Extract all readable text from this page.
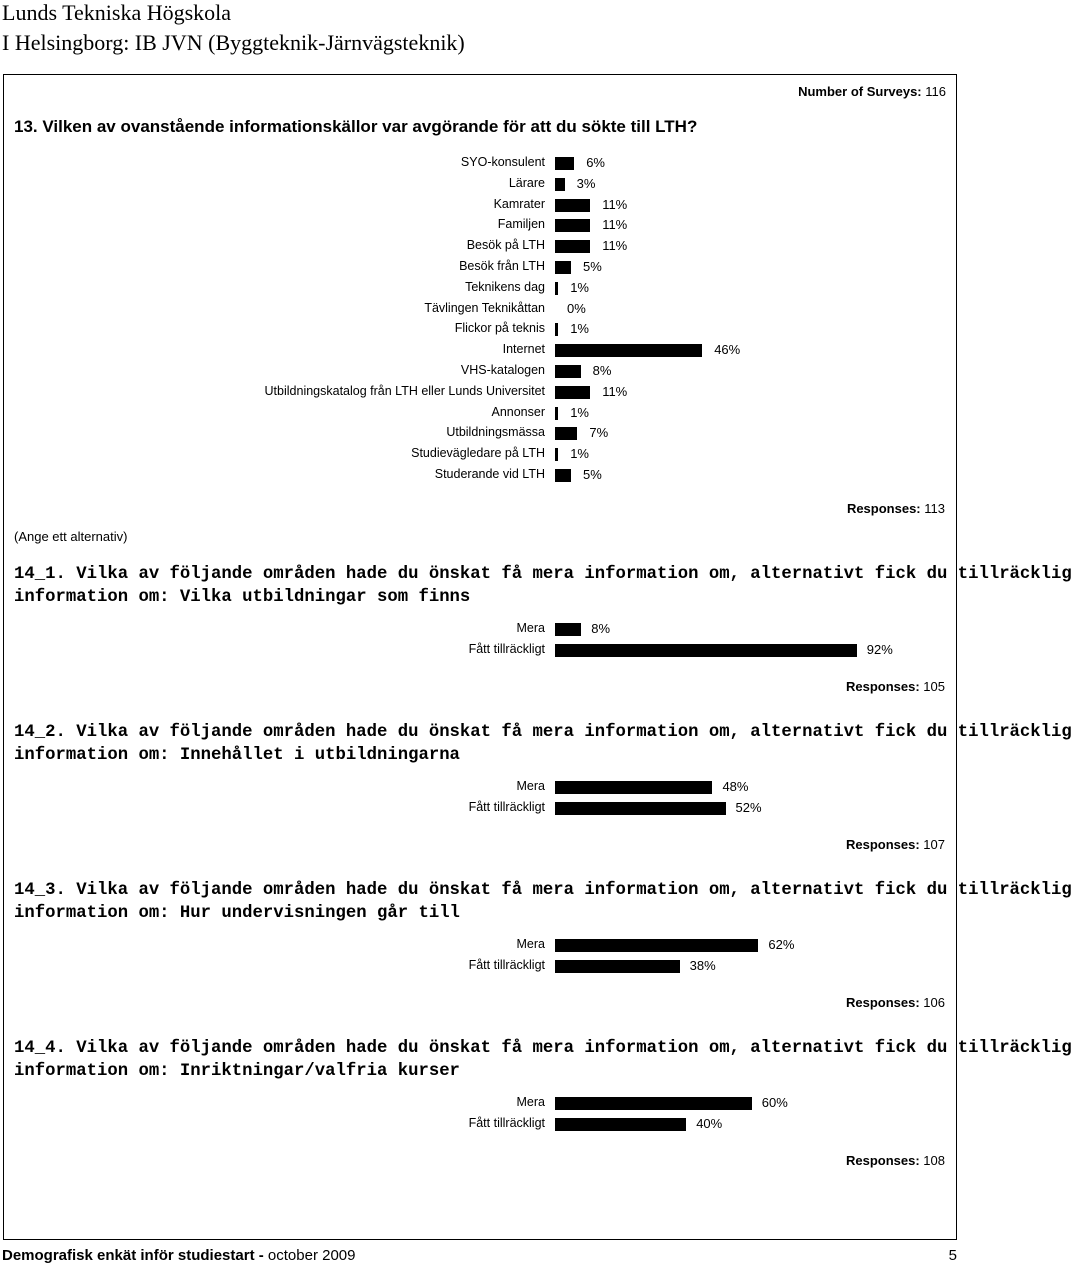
Lunds Tekniska Högskola
I Helsingborg: IB JVN (Byggteknik-Järnvägsteknik)
Number of Surveys: 116
13. Vilken av ovanstående informationskällor var avgörande för att du sökte till LTH?
SYO-konsulent	6%
Lärare 3%
Kamrater	11%
Familjen	11%
Besök på LTH	11%
Besök från LTH	5%
Teknikens dag 1%
Tävlingen Teknikåttan 0%
Flickor på teknis 1%
Internet	46%
VHS-katalogen	8%
Utbildningskatalog från LTH eller Lunds Universitet	11%
Annonser 1%
Utbildningsmässa	7%
Studievägledare på LTH 1%
Studerande vid LTH	5%
(Ange ett alternativ)
Responses: 113
14_1. Vilka av följande områden hade du önskat få mera information om, alternativt fick du tillräcklig
information om: Vilka utbildningar som finns
Mera	8%
Fått tillräckligt	92%
Responses: 105
14_2. Vilka av följande områden hade du önskat få mera information om, alternativt fick du tillräcklig
information om: Innehållet i utbildningarna
Mera	48%
Fått tillräckligt	52%
Responses: 107
14_3. Vilka av följande områden hade du önskat få mera information om, alternativt fick du tillräcklig
information om: Hur undervisningen går till
Mera	62%
Fått tillräckligt	38%
Responses: 106
14_4. Vilka av följande områden hade du önskat få mera information om, alternativt fick du tillräcklig
information om: Inriktningar/valfria kurser
Mera	60%
Fått tillräckligt	40%
Responses: 108
Demografisk enkät inför studiestart - october 2009	5
